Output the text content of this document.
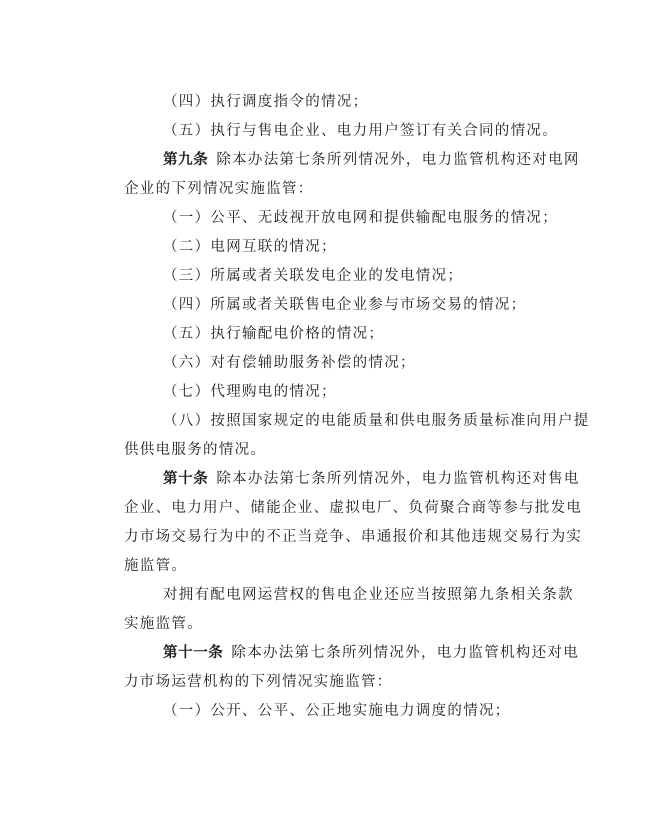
（四）执行调度指令的情况；
（五）执行与售电企业、电力用户签订有关合同的情况。
第九条 除本办法第七条所列情况外，电力监管机构还对电网
企业的下列情况实施监管：
（一）公平、无歧视开放电网和提供输配电服务的情况；
（二）电网互联的情况；
（三）所属或者关联发电企业的发电情况；
（四）所属或者关联售电企业参与市场交易的情况；
（五）执行输配电价格的情况；
（六）对有偿辅助服务补偿的情况；
（七）代理购电的情况；
（八）按照国家规定的电能质量和供电服务质量标准向用户提
供供电服务的情况。
第十条 除本办法第七条所列情况外，电力监管机构还对售电
企业、电力用户、储能企业、虚拟电厂、负荷聚合商等参与批发电
力市场交易行为中的不正当竞争、串通报价和其他违规交易行为实
施监管。
对拥有配电网运营权的售电企业还应当按照第九条相关条款
实施监管。
第十一条 除本办法第七条所列情况外，电力监管机构还对电
力市场运营机构的下列情况实施监管：
（一）公开、公平、公正地实施电力调度的情况；
